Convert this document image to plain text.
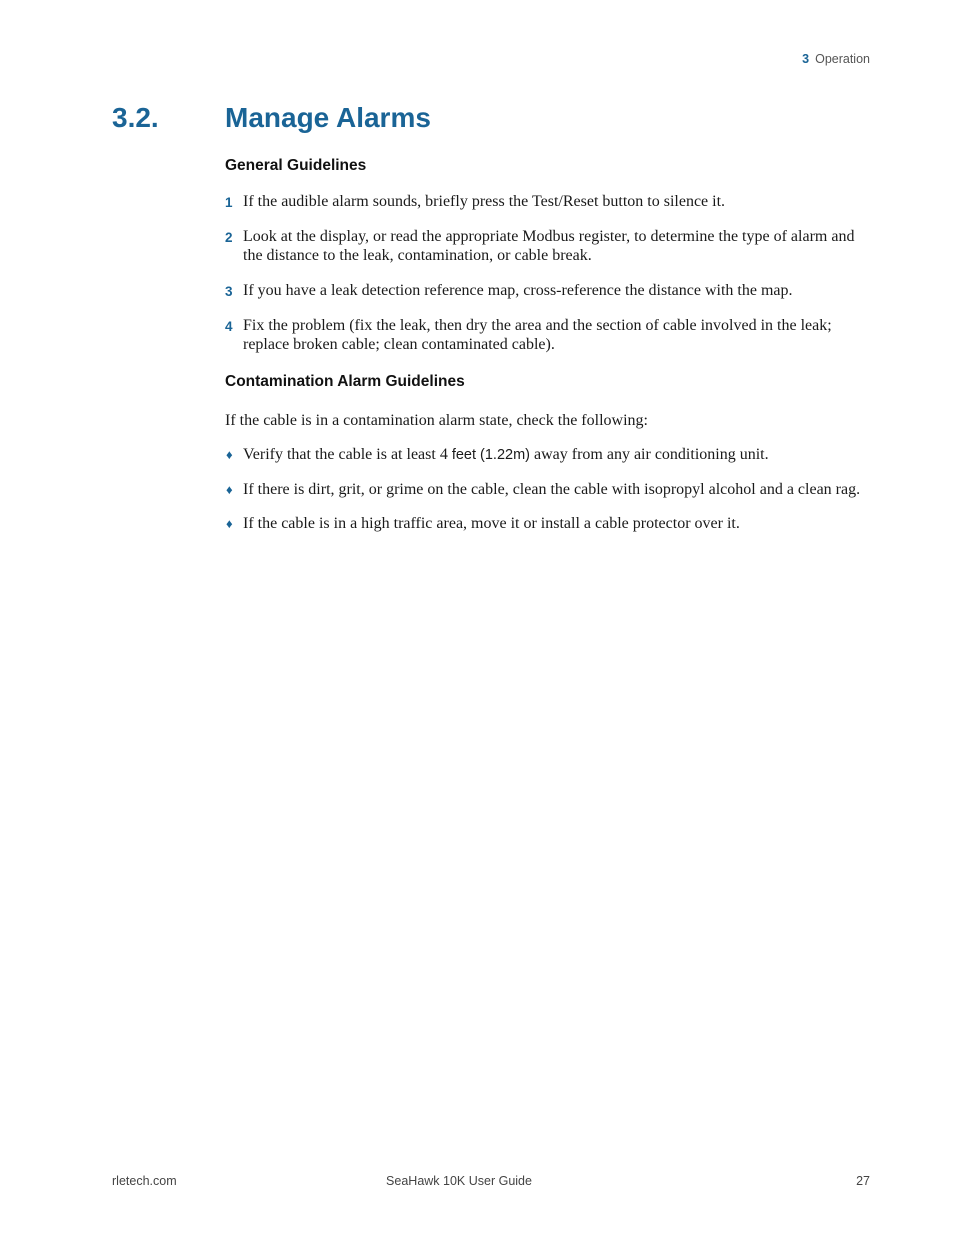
3 Operation
3.2. Manage Alarms
General Guidelines
1 If the audible alarm sounds, briefly press the Test/Reset button to silence it.
2 Look at the display, or read the appropriate Modbus register, to determine the type of alarm and the distance to the leak, contamination, or cable break.
3 If you have a leak detection reference map, cross-reference the distance with the map.
4 Fix the problem (fix the leak, then dry the area and the section of cable involved in the leak; replace broken cable; clean contaminated cable).
Contamination Alarm Guidelines

If the cable is in a contamination alarm state, check the following:

♦ Verify that the cable is at least 4 feet (1.22m) away from any air conditioning unit.
♦ If there is dirt, grit, or grime on the cable, clean the cable with isopropyl alcohol and a clean rag.
♦ If the cable is in a high traffic area, move it or install a cable protector over it.
rletech.com	SeaHawk 10K User Guide	27
